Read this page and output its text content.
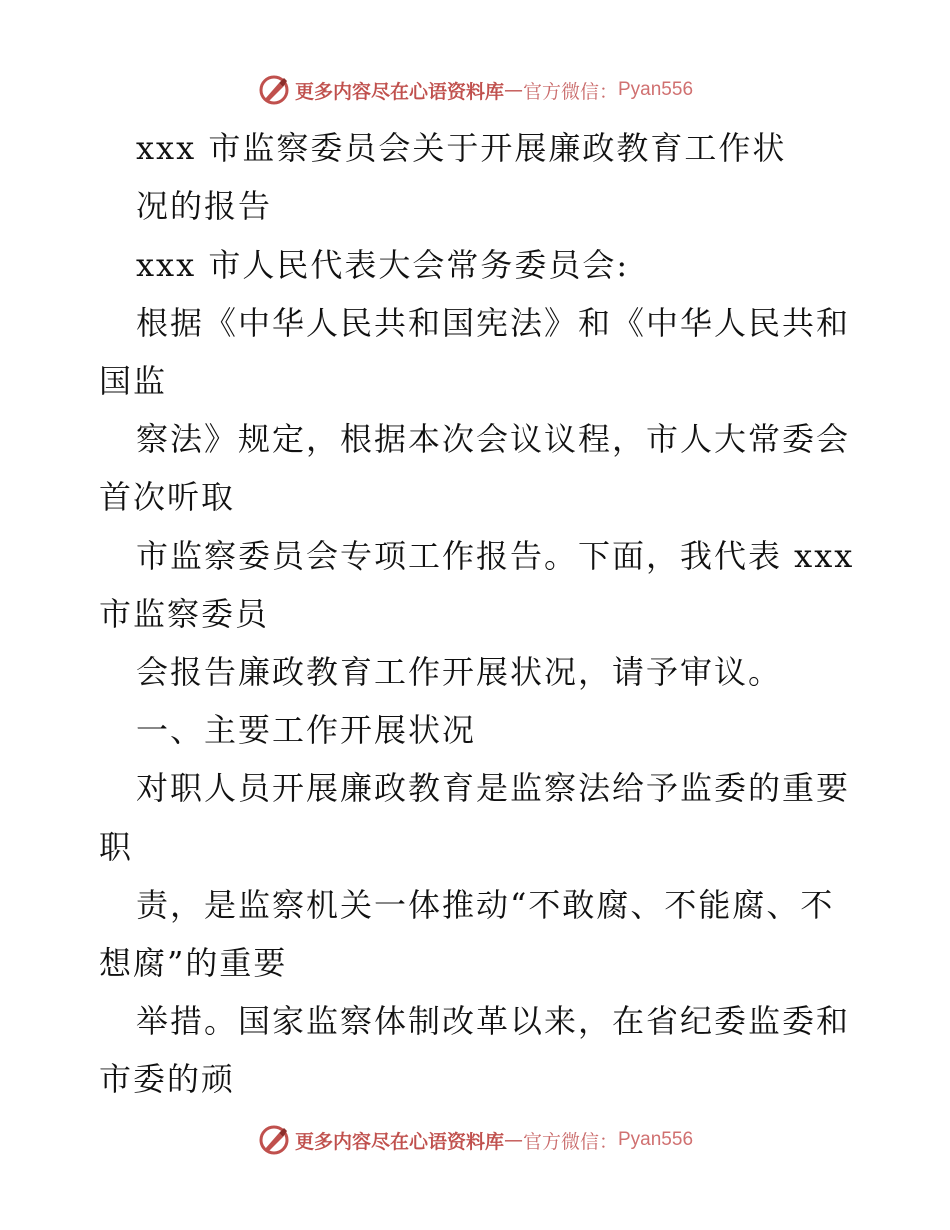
更多内容尽在心语资料库 — 官方微信： Pyan556
xxx 市监察委员会关于开展廉政教育工作状
况的报告
xxx 市人民代表大会常务委员会:
根据《中华人民共和国宪法》和《中华人民共和
国监
察法》规定，根据本次会议议程，市人大常委会
首次听取
市监察委员会专项工作报告。下面，我代表 xxx
市监察委员
会报告廉政教育工作开展状况，请予审议。
一、主要工作开展状况
对职人员开展廉政教育是监察法给予监委的重要
职
责，是监察机关一体推动“不敢腐、不能腐、不
想腐”的重要
举措。国家监察体制改革以来，在省纪委监委和
市委的顽
更多内容尽在心语资料库 — 官方微信： Pyan556
